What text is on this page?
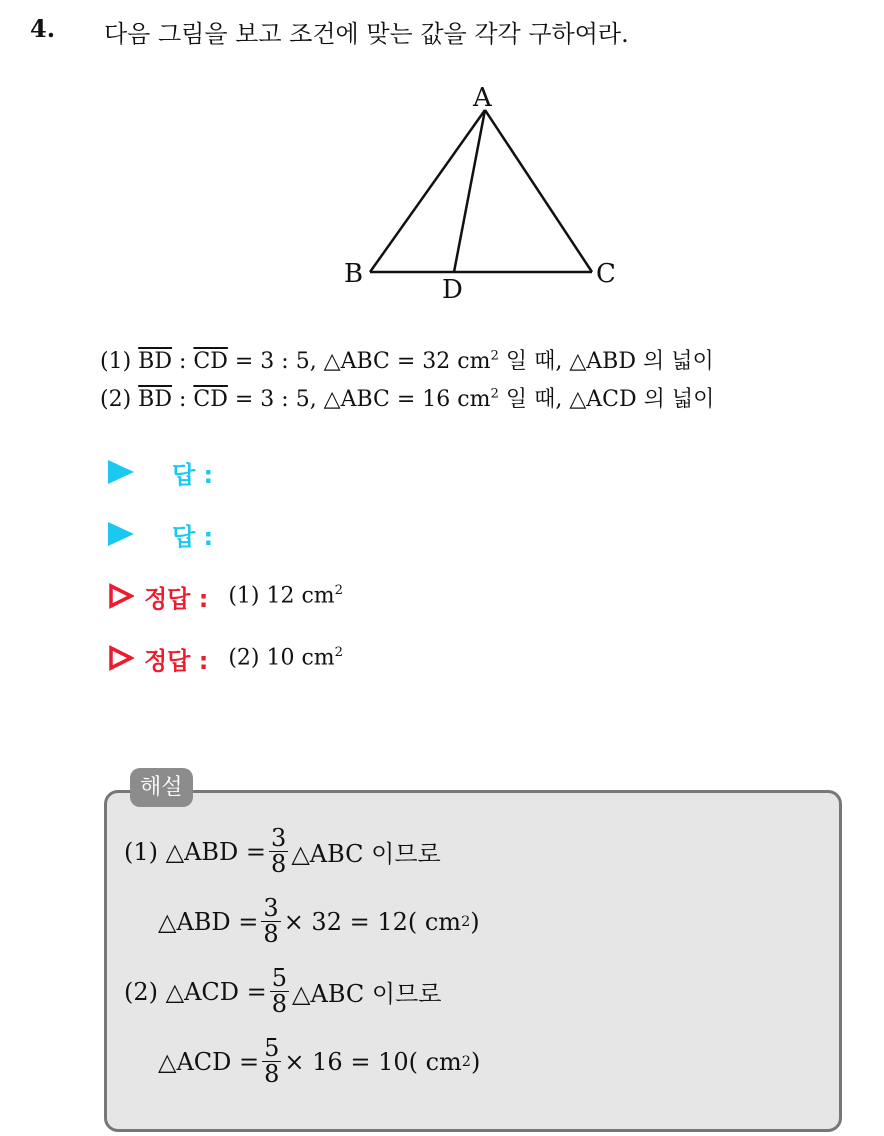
4. 다음 그림을 보고 조건에 맞는 값을 각각 구하여라.
A
B	C
D
(1) $\overline{BD}$ : $\overline{CD} = 3$ : 5, △ABC = 32 $cm^2$ 일 때, △ABD 의 넓이
(2) $\overline{BD}$ : $\overline{CD} = 3$ : 5, △ABC = 16 $cm^2$ 일 때, △ACD 의 넓이
답 :
답 :
정답 : (1) 12 $cm^2$
정답 : (2) 10 $cm^2$
해설
(1) △ABD = $\frac{3}{8}$ △ABC 이므로
△ABD = $\frac{3}{8} \times 32 = 12$( cm 2 )
(2) △ACD = $\frac{5}{8}$ △ABC 이므로
△ACD = $\frac{5}{8} \times 16 = 10$( cm 2 )
